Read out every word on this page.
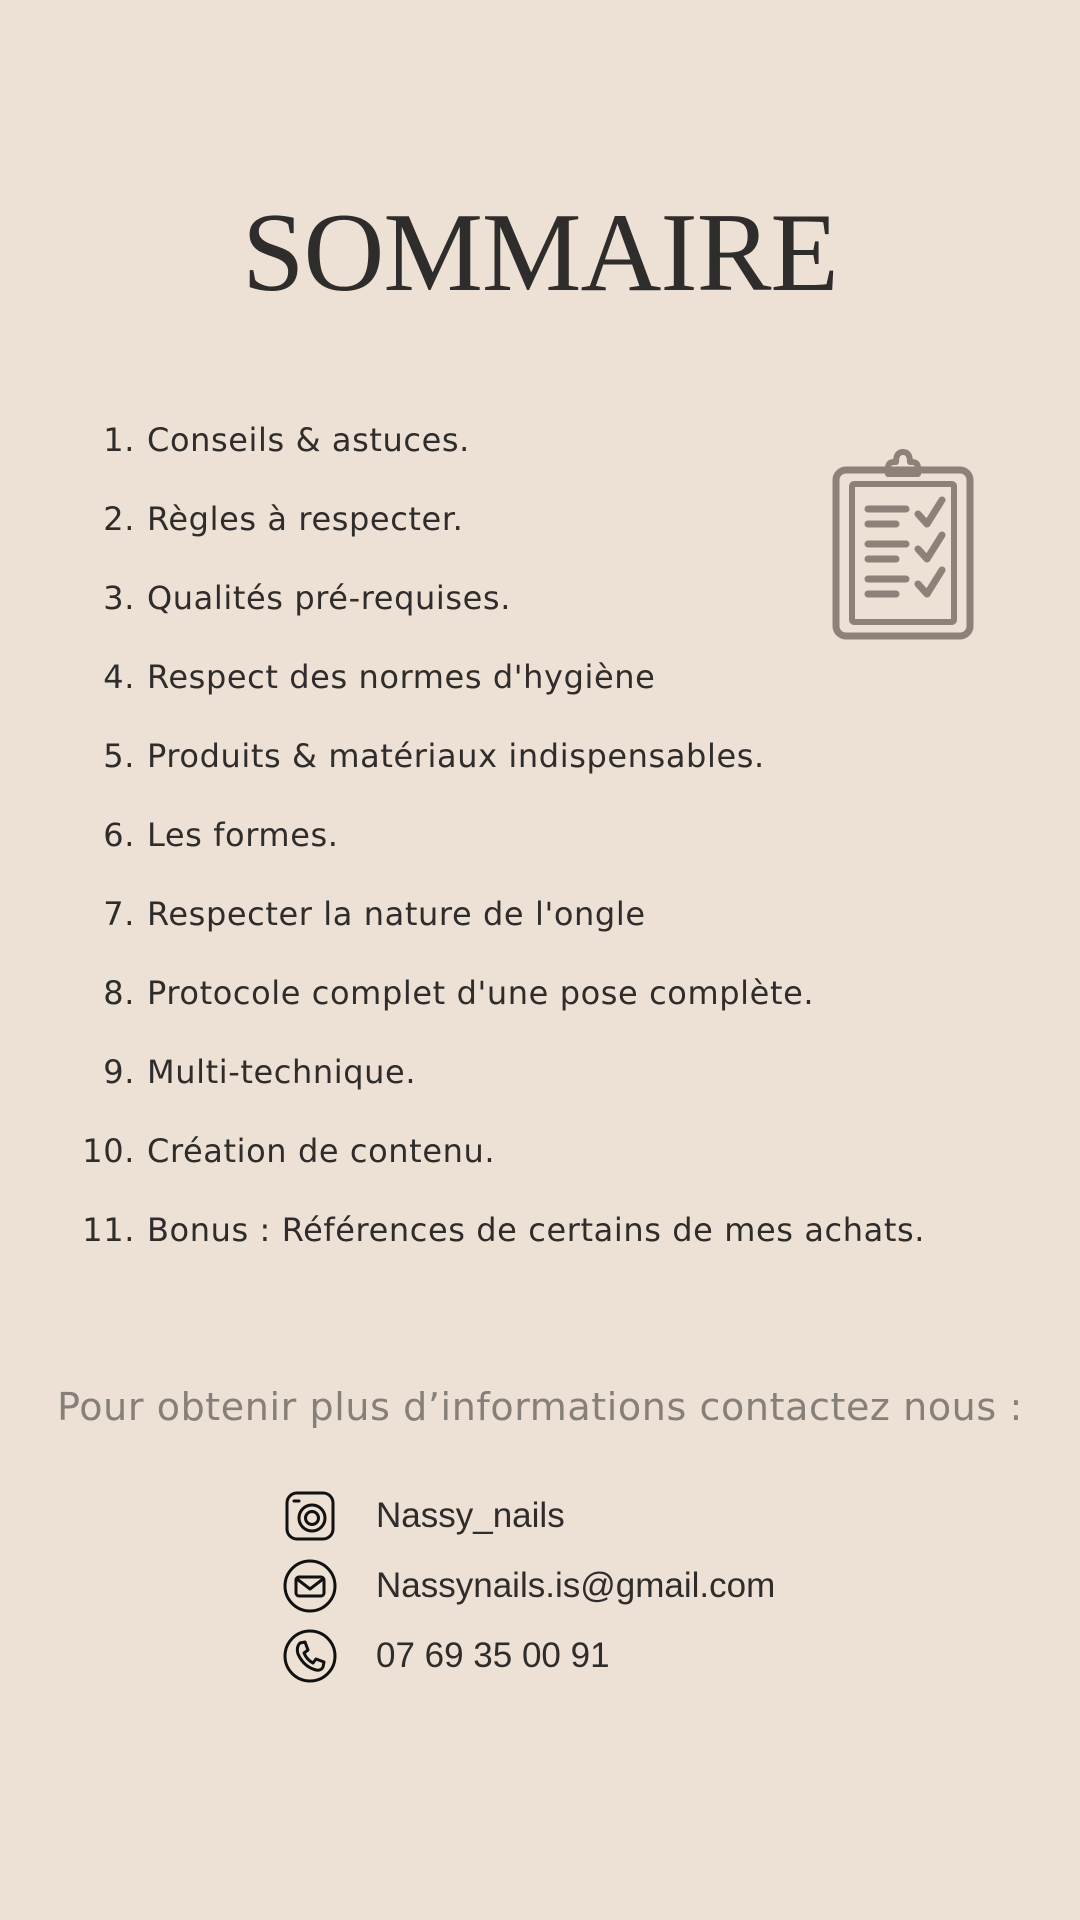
SOMMAIRE
1. Conseils & astuces.
2. Règles à respecter.
3. Qualités pré-requises.
4. Respect des normes d'hygiène
5. Produits & matériaux indispensables.
6. Les formes.
7. Respecter la nature de l'ongle
8. Protocole complet d'une pose complète.
9. Multi-technique.
10. Création de contenu.
11. Bonus : Références de certains de mes achats.
Pour obtenir plus d’informations contactez nous :
Nassy_nails
Nassynails.is@gmail.com
07 69 35 00 91
